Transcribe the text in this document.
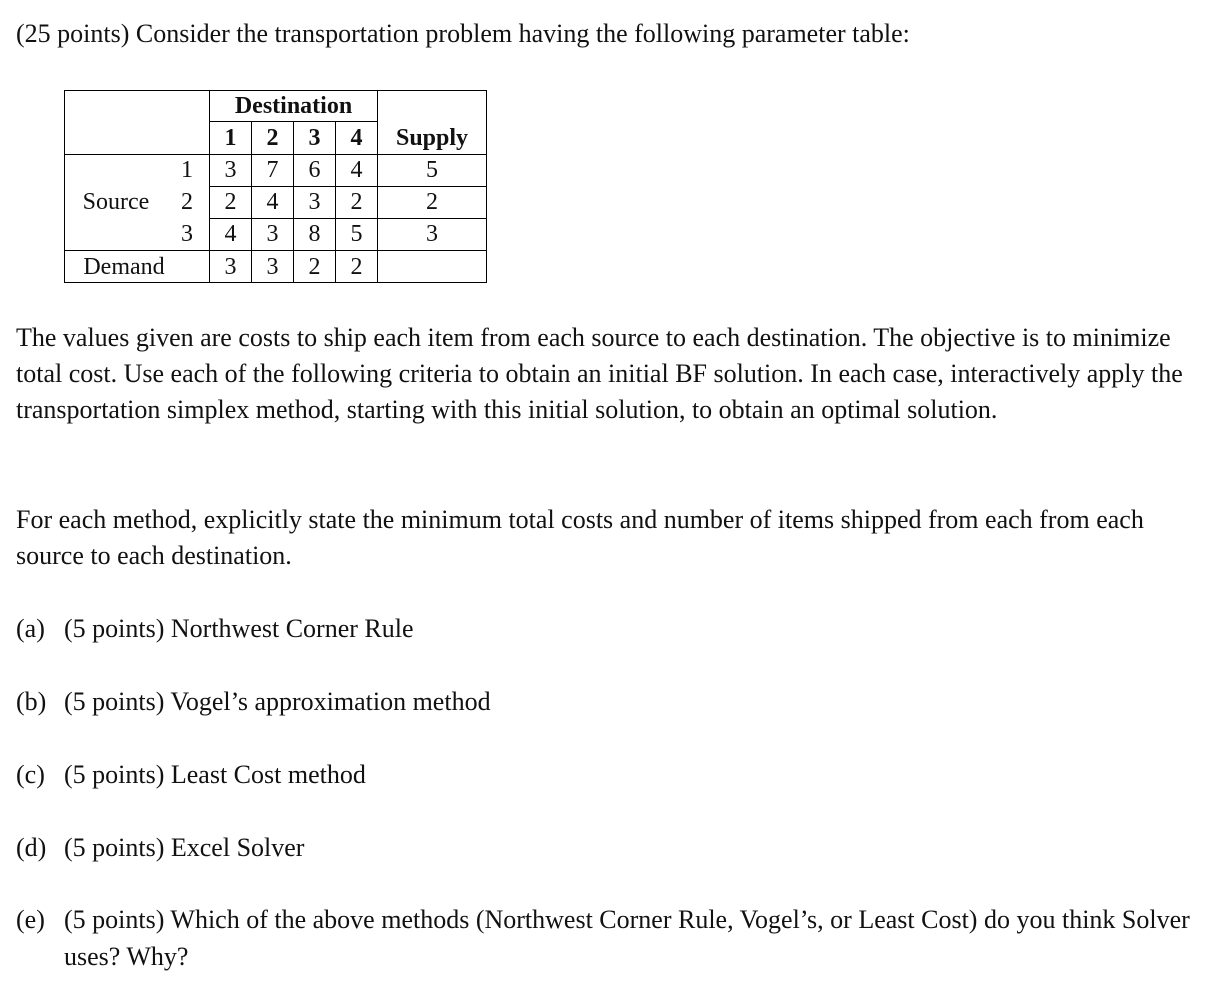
(25 points) Consider the transportation problem having the following parameter table:

Destination
1	2	3	4	Supply
Source
1	3	7	6	4	5
2	2	4	3	2	2
3	4	3	8	5	3
Demand	3	3	2	2

The values given are costs to ship each item from each source to each destination. The objective is to minimize total cost. Use each of the following criteria to obtain an initial BF solution. In each case, interactively apply the transportation simplex method, starting with this initial solution, to obtain an optimal solution.

For each method, explicitly state the minimum total costs and number of items shipped from each from each source to each destination.

(a) (5 points) Northwest Corner Rule
(b) (5 points) Vogel’s approximation method
(c) (5 points) Least Cost method
(d) (5 points) Excel Solver
(e) (5 points) Which of the above methods (Northwest Corner Rule, Vogel’s, or Least Cost) do you think Solver uses? Why?
